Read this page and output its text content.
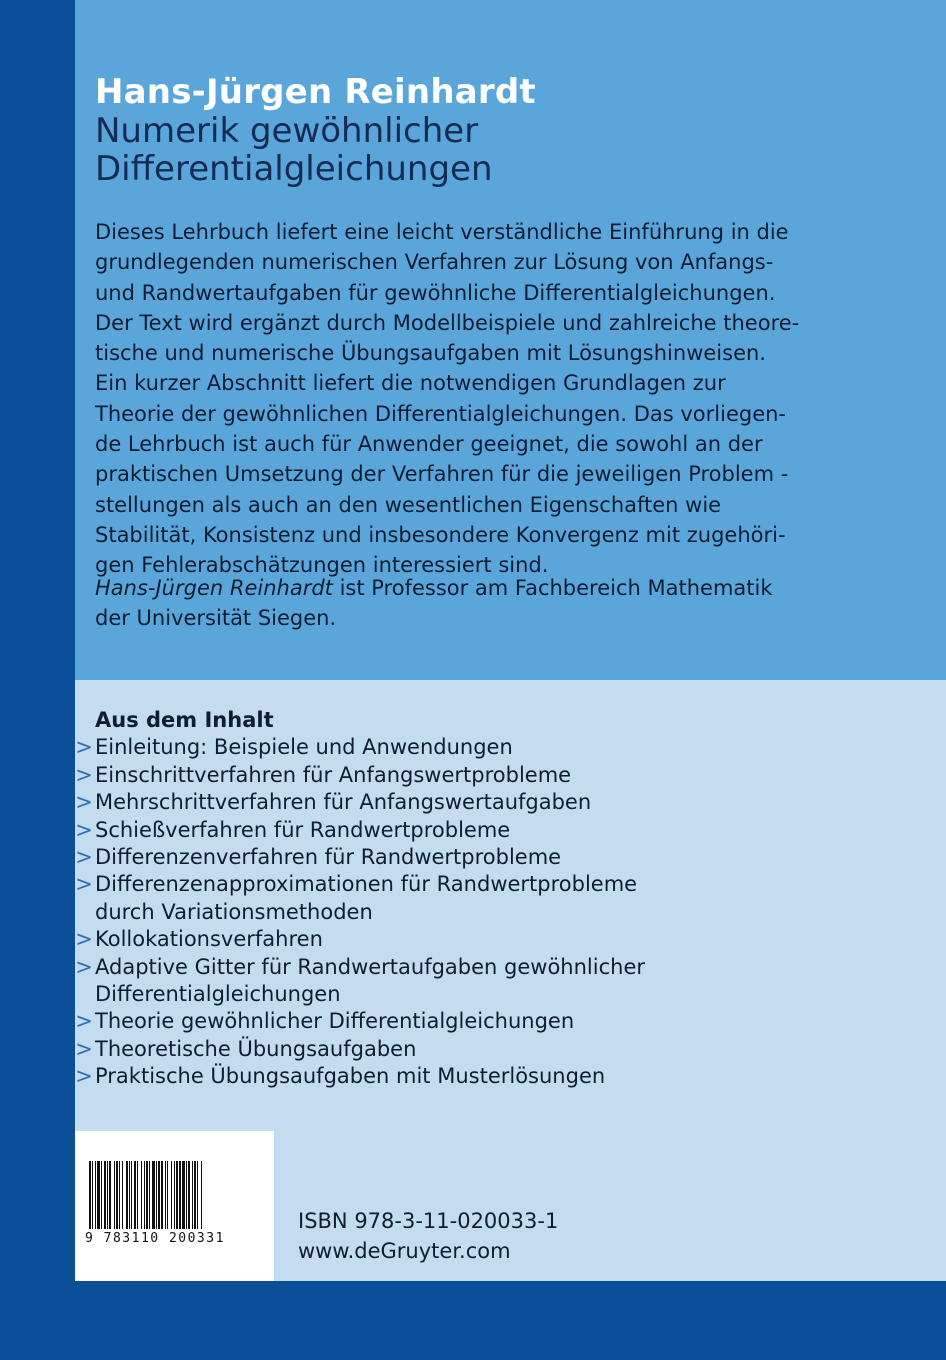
Hans-Jürgen Reinhardt
Numerik gewöhnlicher
Differentialgleichungen
Dieses Lehrbuch liefert eine leicht verständliche Einführung in die
grundlegenden numerischen Verfahren zur Lösung von Anfangs-
und Randwertaufgaben für gewöhnliche Differentialgleichungen.
Der Text wird ergänzt durch Modellbeispiele und zahlreiche theore-
tische und numerische Übungsaufgaben mit Lösungshinweisen.
Ein kurzer Abschnitt liefert die notwendigen Grundlagen zur
Theorie der gewöhnlichen Differentialgleichungen. Das vorliegen-
de Lehrbuch ist auch für Anwender geeignet, die sowohl an der
praktischen Umsetzung der Verfahren für die jeweiligen Problem -
stellungen als auch an den wesentlichen Eigenschaften wie
Stabilität, Konsistenz und insbesondere Konvergenz mit zugehöri-
gen Fehlerabschätzungen interessiert sind.
Hans-Jürgen Reinhardt ist Professor am Fachbereich Mathematik
der Universität Siegen.
Aus dem Inhalt
> Einleitung: Beispiele und Anwendungen
> Einschrittverfahren für Anfangswertprobleme
> Mehrschrittverfahren für Anfangswertaufgaben
> Schießverfahren für Randwertprobleme
> Differenzenverfahren für Randwertprobleme
> Differenzenapproximationen für Randwertprobleme
durch Variationsmethoden
> Kollokationsverfahren
> Adaptive Gitter für Randwertaufgaben gewöhnlicher
Differentialgleichungen
> Theorie gewöhnlicher Differentialgleichungen
> Theoretische Übungsaufgaben
> Praktische Übungsaufgaben mit Musterlösungen
9 783110 200331
ISBN 978-3-11-020033-1
www.deGruyter.com
